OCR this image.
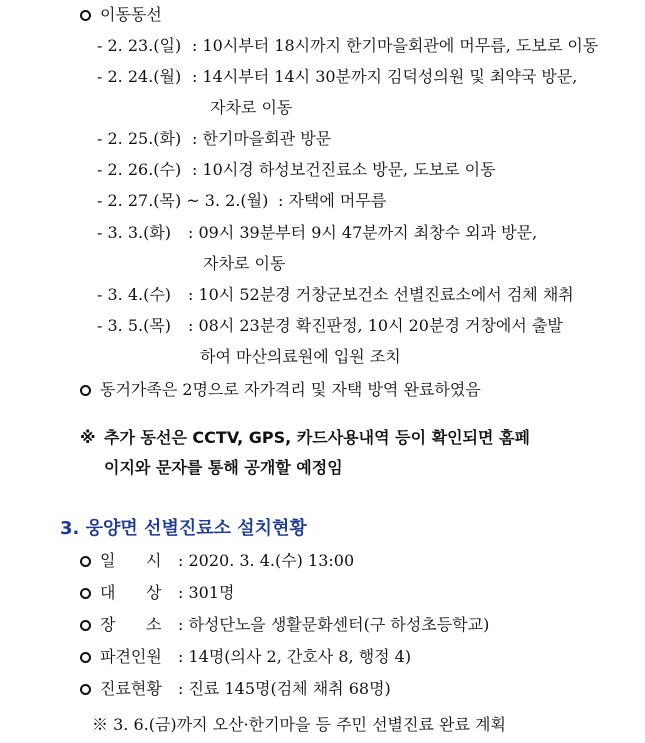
이동동선
- 2. 23.(일) : 10시부터 18시까지 한기마을회관에 머무름, 도보로 이동
- 2. 24.(월) : 14시부터 14시 30분까지 김덕성의원 및 최약국 방문,
자차로 이동
- 2. 25.(화) : 한기마을회관 방문
- 2. 26.(수) : 10시경 하성보건진료소 방문, 도보로 이동
- 2. 27.(목) ~ 3. 2.(월) : 자택에 머무름
- 3. 3.(화) : 09시 39분부터 9시 47분까지 최창수 외과 방문,
자차로 이동
- 3. 4.(수) : 10시 52분경 거창군보건소 선별진료소에서 검체 채취
- 3. 5.(목) : 08시 23분경 확진판정, 10시 20분경 거창에서 출발
하여 마산의료원에 입원 조치
동거가족은 2명으로 자가격리 및 자택 방역 완료하였음
※ 추가 동선은 CCTV, GPS, 카드사용내역 등이 확인되면 홈페
이지와 문자를 통해 공개할 예정임
3. 웅양면 선별진료소 설치현황
일      시 : 2020. 3. 4.(수) 13:00
대      상 : 301명
장      소 : 하성단노을 생활문화센터(구 하성초등학교)
파견인원 : 14명(의사 2, 간호사 8, 행정 4)
진료현황 : 진료 145명(검체 채취 68명)
※ 3. 6.(금)까지 오산·한기마을 등 주민 선별진료 완료 계획
